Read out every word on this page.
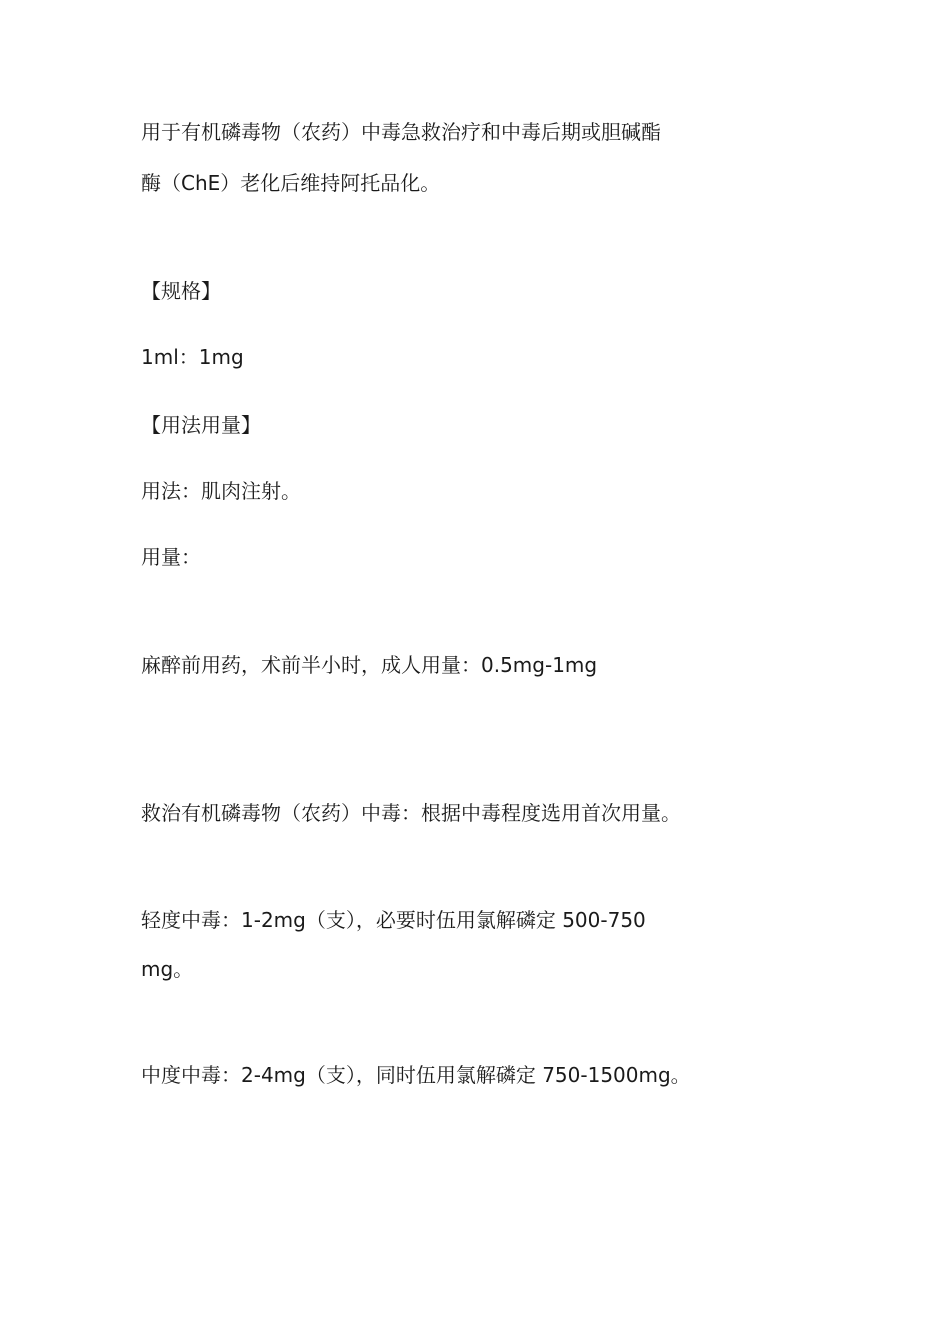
用于有机磷毒物（农药）中毒急救治疗和中毒后期或胆碱酯

酶（ChE）老化后维持阿托品化。

【规格】

1ml：1mg

【用法用量】

用法：肌肉注射。

用量：

麻醉前用药，术前半小时，成人用量：0.5mg-1mg

救治有机磷毒物（农药）中毒：根据中毒程度选用首次用量。

轻度中毒：1-2mg（支），必要时伍用氯解磷定 500-750

mg。

中度中毒：2-4mg（支），同时伍用氯解磷定 750-1500mg。
